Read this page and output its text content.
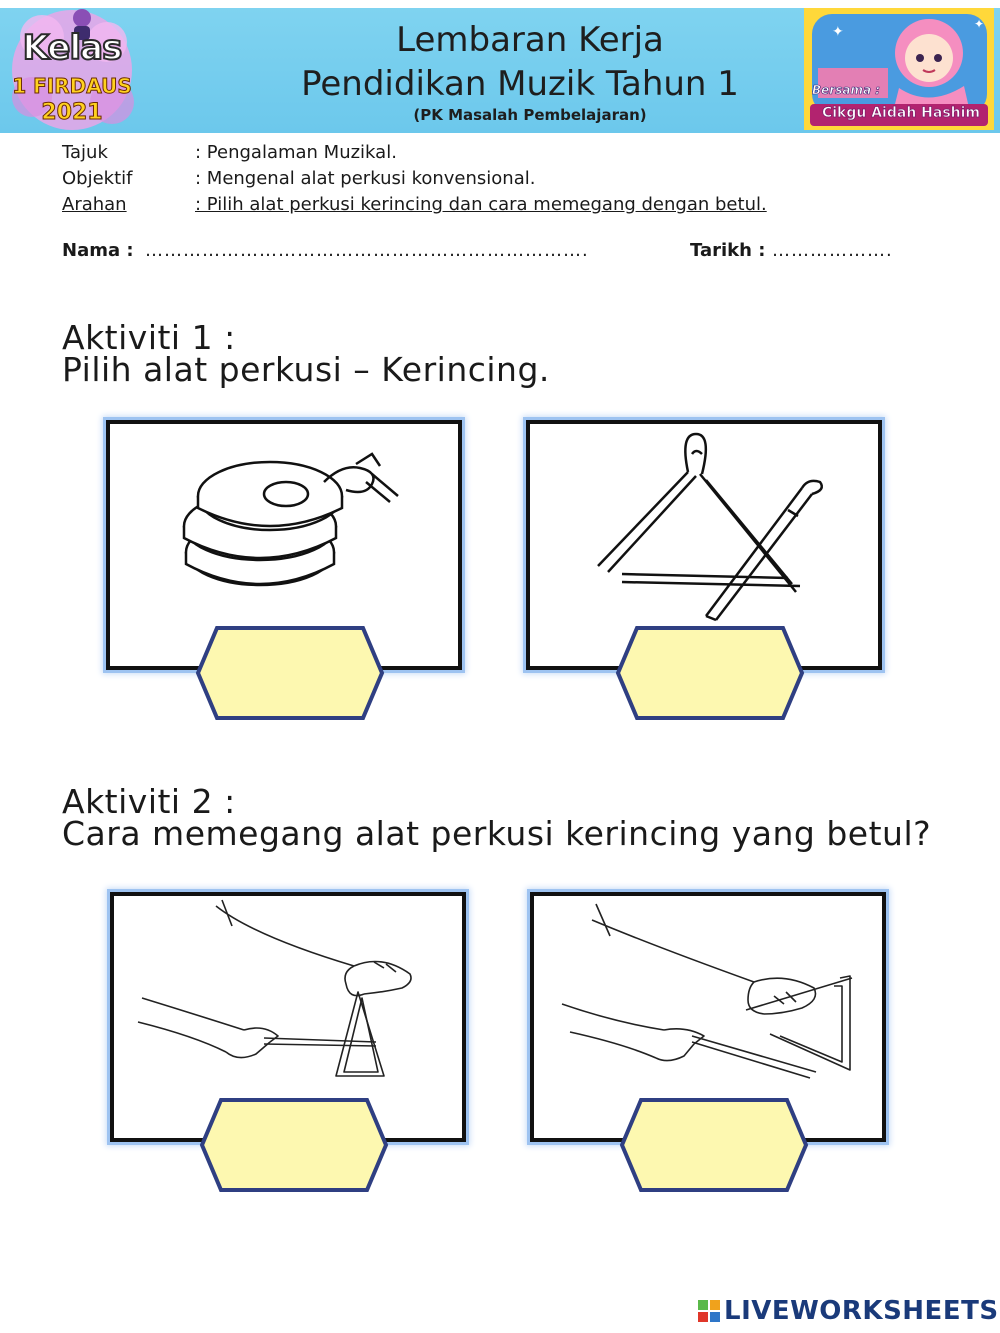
Kelas
1 FIRDAUS
2021
Lembaran Kerja
Pendidikan Muzik Tahun 1
(PK Masalah Pembelajaran)
✦	✦
Bersama :
Cikgu Aidah Hashim
Tajuk	: Pengalaman Muzikal.
Objektif	: Mengenal alat perkusi konvensional.
Arahan	: Pilih alat perkusi kerincing dan cara memegang dengan betul.
Nama : …………………………………………………………….	Tarikh : ……………….
Aktiviti 1 :
Pilih alat perkusi – Kerincing.
Aktiviti 2 :
Cara memegang alat perkusi kerincing yang betul?
LIVEWORKSHEETS
